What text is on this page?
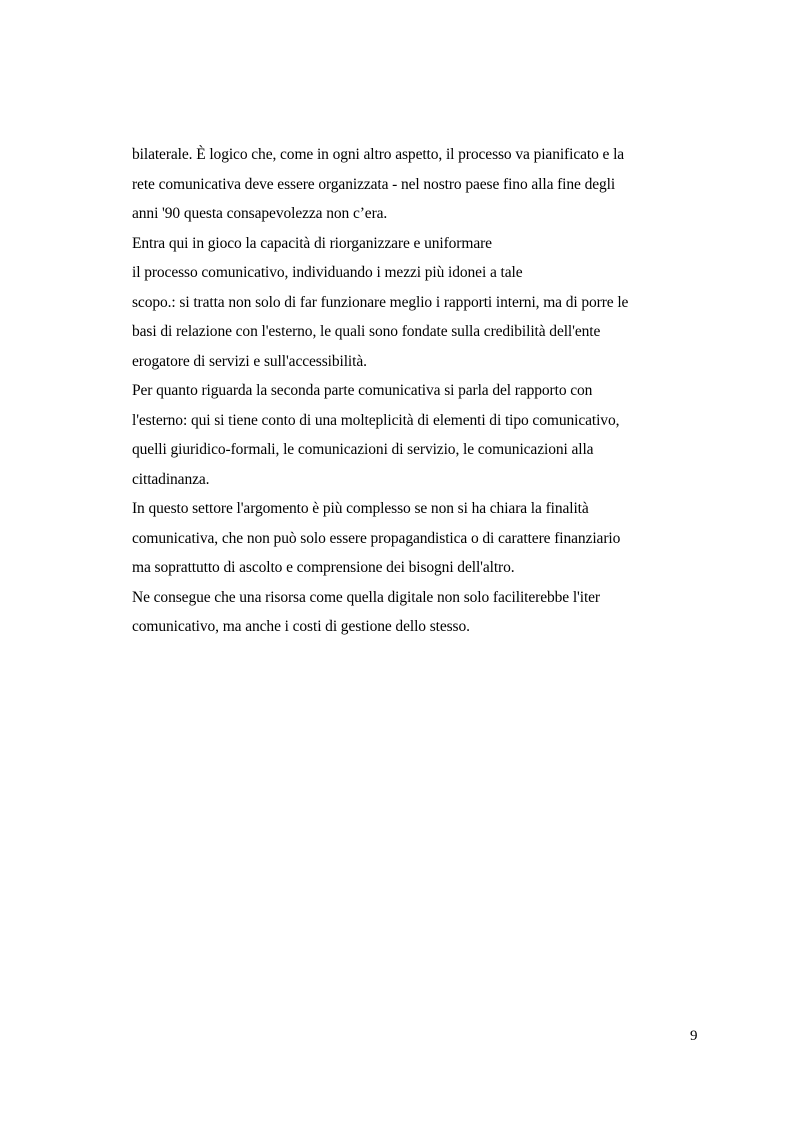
bilaterale. È logico che, come in ogni altro aspetto, il processo va pianificato e la
rete comunicativa deve essere organizzata - nel nostro paese fino alla fine degli
anni '90 questa consapevolezza non c’era.
Entra qui in gioco la capacità di riorganizzare e uniformare
il processo comunicativo, individuando i mezzi più idonei a tale
scopo.: si tratta non solo di far funzionare meglio i rapporti interni, ma di porre le
basi di relazione con l'esterno, le quali sono fondate sulla credibilità dell'ente
erogatore di servizi e sull'accessibilità.
Per quanto riguarda la seconda parte comunicativa si parla del rapporto con
l'esterno: qui si tiene conto di una molteplicità di elementi di tipo comunicativo,
quelli giuridico-formali, le comunicazioni di servizio, le comunicazioni alla
cittadinanza.
In questo settore l'argomento è più complesso se non si ha chiara la finalità
comunicativa, che non può solo essere propagandistica o di carattere finanziario
ma soprattutto di ascolto e comprensione dei bisogni dell'altro.
Ne consegue che una risorsa come quella digitale non solo faciliterebbe l'iter
comunicativo, ma anche i costi di gestione dello stesso.
9
